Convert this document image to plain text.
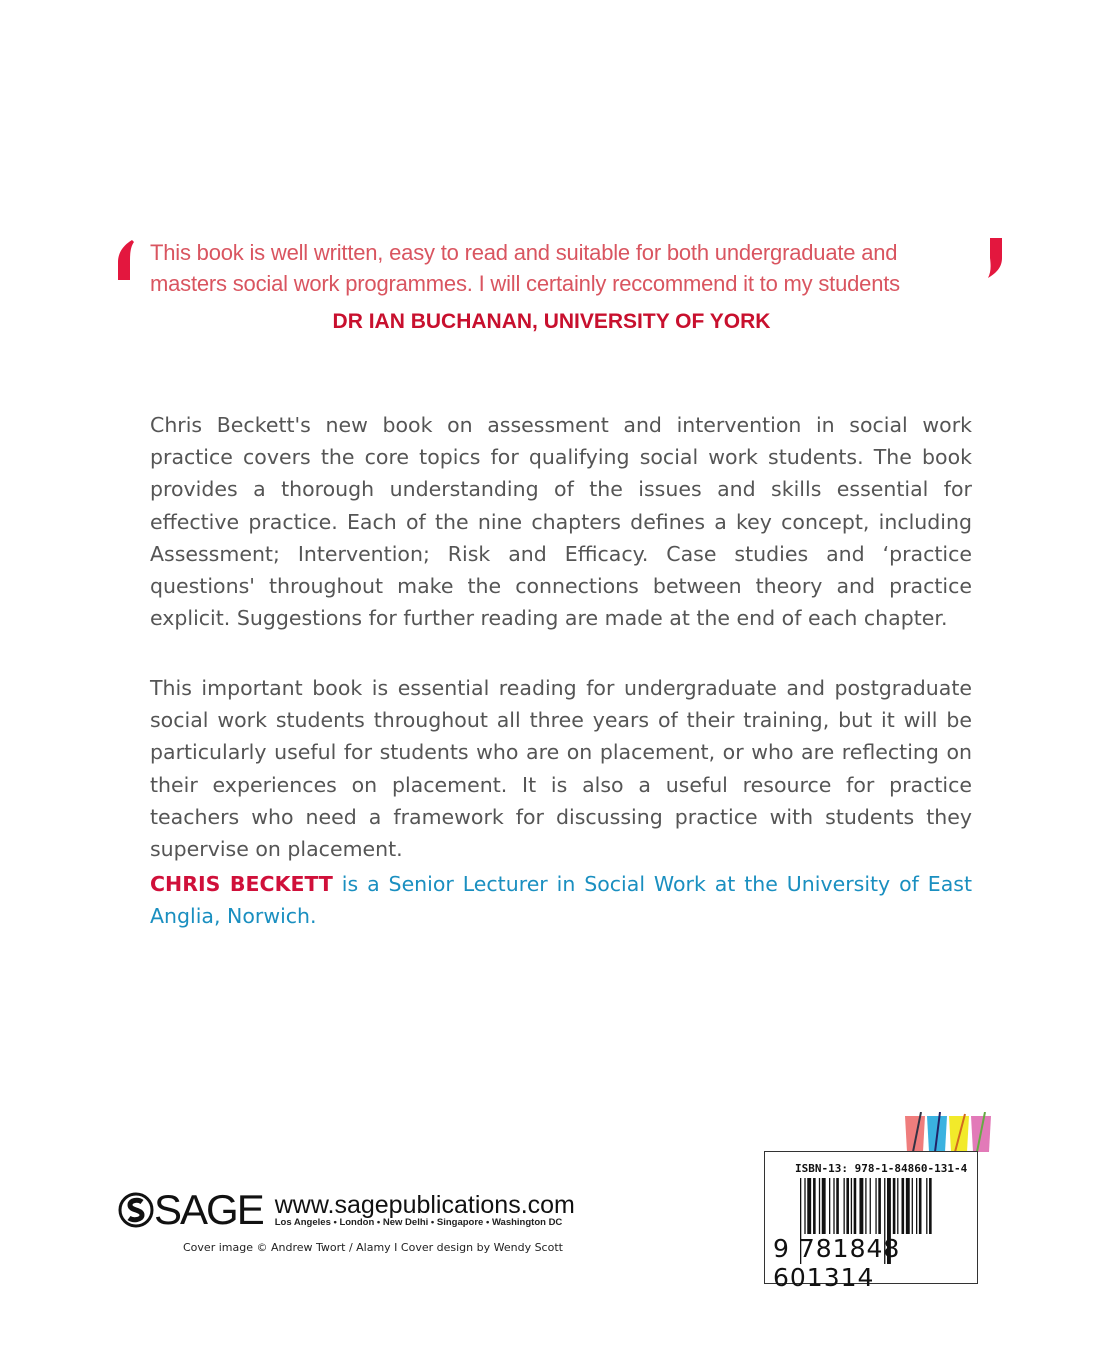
This book is well written, easy to read and suitable for both undergraduate and
masters social work programmes. I will certainly reccommend it to my students
DR IAN BUCHANAN, UNIVERSITY OF YORK

Chris Beckett's new book on assessment and intervention in social work practice covers the core topics for qualifying social work students. The book provides a thorough understanding of the issues and skills essential for effective practice. Each of the nine chapters defines a key concept, including Assessment; Intervention; Risk and Efficacy. Case studies and ‘practice questions' throughout make the connections between theory and practice explicit. Suggestions for further reading are made at the end of each chapter.

This important book is essential reading for undergraduate and postgraduate social work students throughout all three years of their training, but it will be particularly useful for students who are on placement, or who are reflecting on their experiences on placement. It is also a useful resource for practice teachers who need a framework for discussing practice with students they supervise on placement.

CHRIS BECKETT is a Senior Lecturer in Social Work at the University of East Anglia, Norwich.
SAGE www.sagepublications.com
Los Angeles • London • New Delhi • Singapore • Washington DC
Cover image © Andrew Twort / Alamy I Cover design by Wendy Scott
ISBN-13: 978-1-84860-131-4
9 781848 601314
